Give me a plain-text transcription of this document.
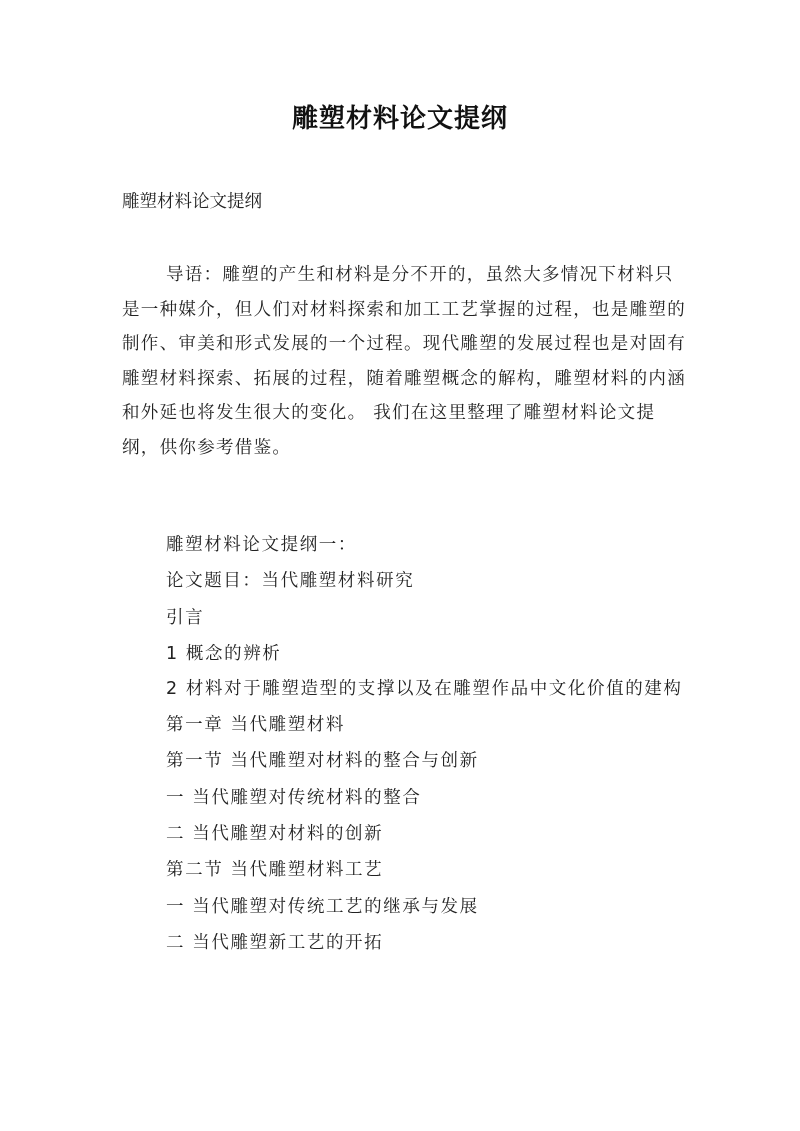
雕塑材料论文提纲
雕塑材料论文提纲

导语：雕塑的产生和材料是分不开的，虽然大多情况下材料只是一种媒介，但人们对材料探索和加工工艺掌握的过程，也是雕塑的制作、审美和形式发展的一个过程。现代雕塑的发展过程也是对固有雕塑材料探索、拓展的过程，随着雕塑概念的解构，雕塑材料的内涵和外延也将发生很大的变化。 我们在这里整理了雕塑材料论文提纲，供你参考借鉴。

雕塑材料论文提纲一：
论文题目：当代雕塑材料研究
引言
1 概念的辨析
2 材料对于雕塑造型的支撑以及在雕塑作品中文化价值的建构
第一章 当代雕塑材料
第一节 当代雕塑对材料的整合与创新
一 当代雕塑对传统材料的整合
二 当代雕塑对材料的创新
第二节 当代雕塑材料工艺
一 当代雕塑对传统工艺的继承与发展
二 当代雕塑新工艺的开拓
